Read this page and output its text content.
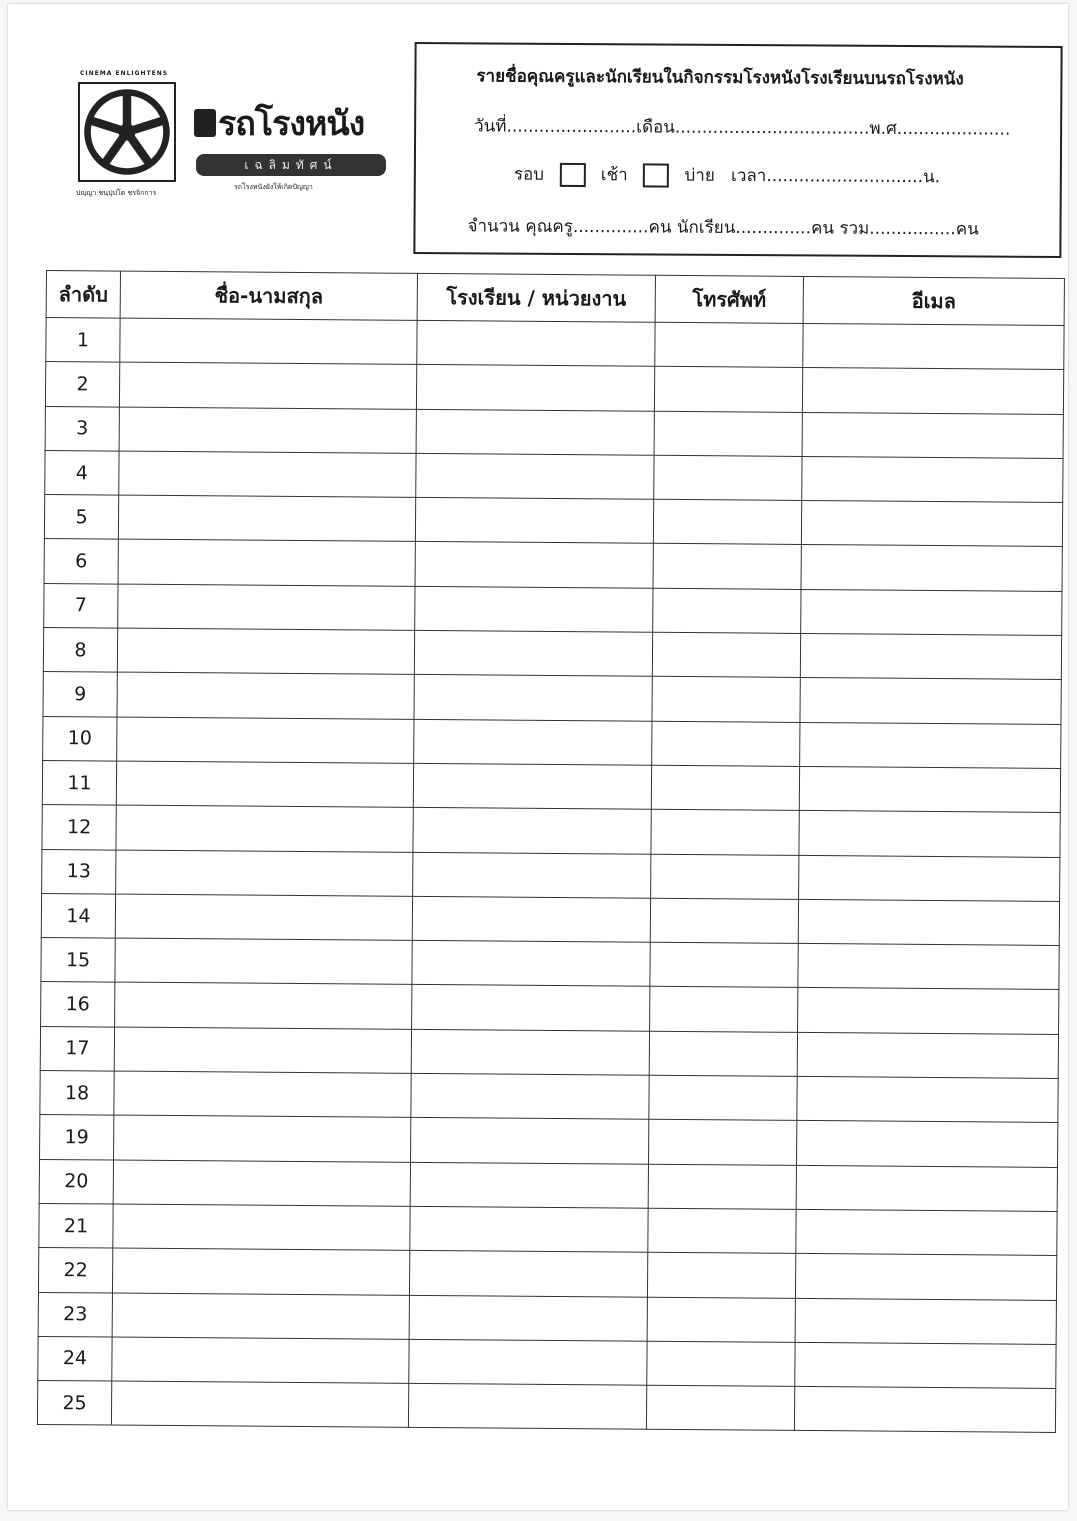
CINEMA ENLIGHTENS
ปญฺญา ชนฺปุปโต ชรจิกการ
รถโรงหนัง
เฉลิมทัศน์
รถโรงหนังยังให้เกิดปัญญา
รายชื่อคุณครูและนักเรียนในกิจกรรมโรงหนังโรงเรียนบนรถโรงหนัง
วันที่........................เดือน....................................พ.ศ.....................
รอบ	เช้า	บ่าย เวลา.............................น.
จำนวน คุณครู..............คน นักเรียน..............คน รวม................คน
ลำดับ	ชื่อ-นามสกุล	โรงเรียน / หน่วยงาน	โทรศัพท์	อีเมล
1				
2				
3				
4				
5				
6				
7				
8				
9				
10				
11				
12				
13				
14				
15				
16				
17				
18				
19				
20				
21				
22				
23				
24				
25				
